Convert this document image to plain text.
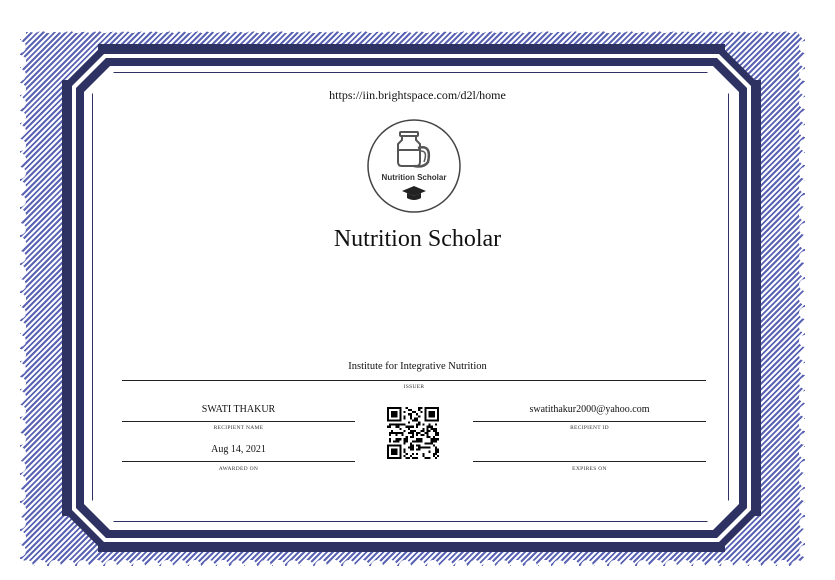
https://iin.brightspace.com/d2l/home
Nutrition Scholar
Nutrition Scholar
Institute for Integrative Nutrition
ISSUER
SWATI THAKUR
RECIPIENT NAME
swatithakur2000@yahoo.com
RECIPIENT ID
Aug 14, 2021
AWARDED ON	EXPIRES ON
